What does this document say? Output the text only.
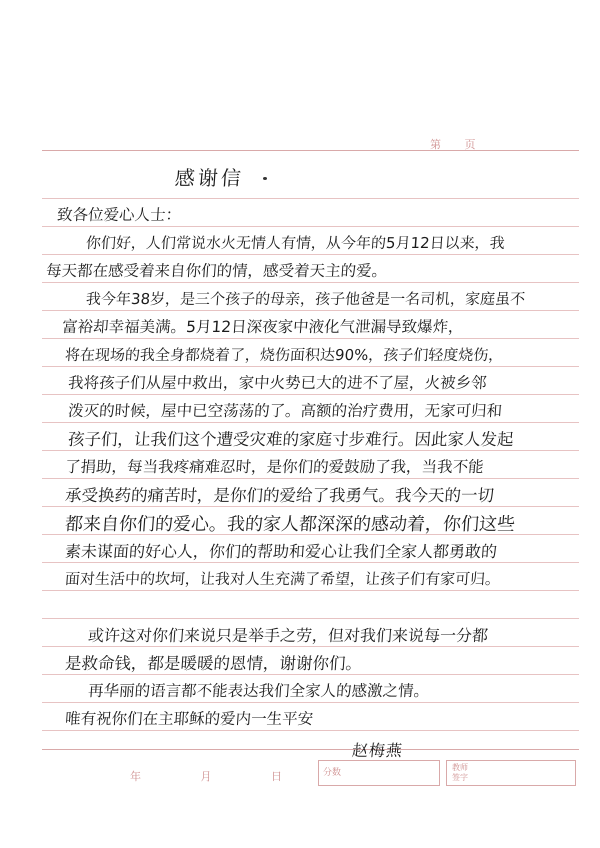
第 页
感谢信
致各位爱心人士：
你们好，人们常说水火无情人有情，从今年的5月12日以来，我
每天都在感受着来自你们的情，感受着天主的爱。
我今年38岁，是三个孩子的母亲，孩子他爸是一名司机，家庭虽不
富裕却幸福美满。5月12日深夜家中液化气泄漏导致爆炸，
将在现场的我全身都烧着了，烧伤面积达90%，孩子们轻度烧伤，
我将孩子们从屋中救出，家中火势已大的进不了屋，火被乡邻
泼灭的时候，屋中已空荡荡的了。高额的治疗费用，无家可归和
孩子们，让我们这个遭受灾难的家庭寸步难行。因此家人发起
了捐助，每当我疼痛难忍时，是你们的爱鼓励了我，当我不能
承受换药的痛苦时，是你们的爱给了我勇气。我今天的一切
都来自你们的爱心。我的家人都深深的感动着，你们这些
素未谋面的好心人，你们的帮助和爱心让我们全家人都勇敢的
面对生活中的坎坷，让我对人生充满了希望，让孩子们有家可归。
或许这对你们来说只是举手之劳，但对我们来说每一分都
是救命钱，都是暖暖的恩情，谢谢你们。
再华丽的语言都不能表达我们全家人的感激之情。
唯有祝你们在主耶稣的爱内一生平安
赵梅燕
年 月 日 分数
教师
签字
